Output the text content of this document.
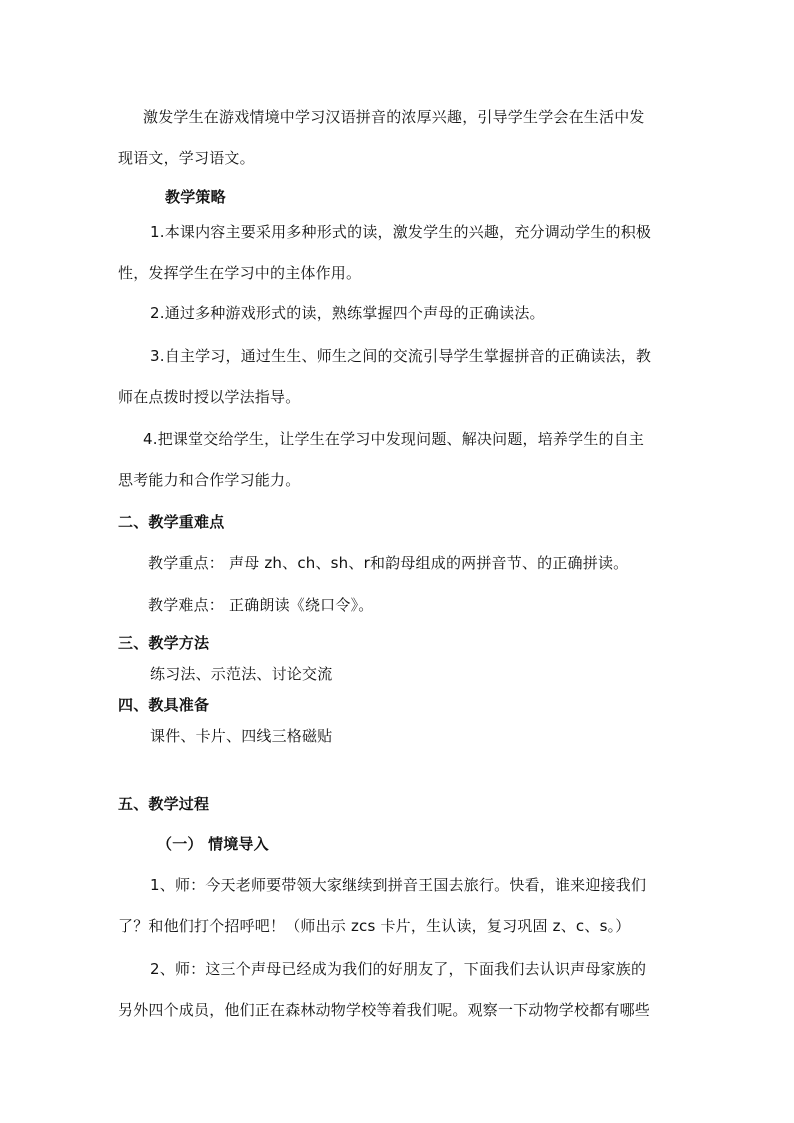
激发学生在游戏情境中学习汉语拼音的浓厚兴趣，引导学生学会在生活中发
现语文，学习语文。
教学策略
1.本课内容主要采用多种形式的读，激发学生的兴趣，充分调动学生的积极
性，发挥学生在学习中的主体作用。
2.通过多种游戏形式的读，熟练掌握四个声母的正确读法。
3.自主学习，通过生生、师生之间的交流引导学生掌握拼音的正确读法，教
师在点拨时授以学法指导。
4.把课堂交给学生，让学生在学习中发现问题、解决问题，培养学生的自主
思考能力和合作学习能力。
二、教学重难点
教学重点： 声母 zh、ch、sh、r和韵母组成的两拼音节、的正确拼读。
教学难点： 正确朗读《绕口令》。
三、教学方法
练习法、示范法、讨论交流
四、教具准备
课件、卡片、四线三格磁贴
五、教学过程
（一） 情境导入
1、师：今天老师要带领大家继续到拼音王国去旅行。快看，谁来迎接我们
了？和他们打个招呼吧！（师出示 zcs 卡片，生认读，复习巩固 z、c、s。）
2、师：这三个声母已经成为我们的好朋友了，下面我们去认识声母家族的
另外四个成员，他们正在森林动物学校等着我们呢。观察一下动物学校都有哪些
